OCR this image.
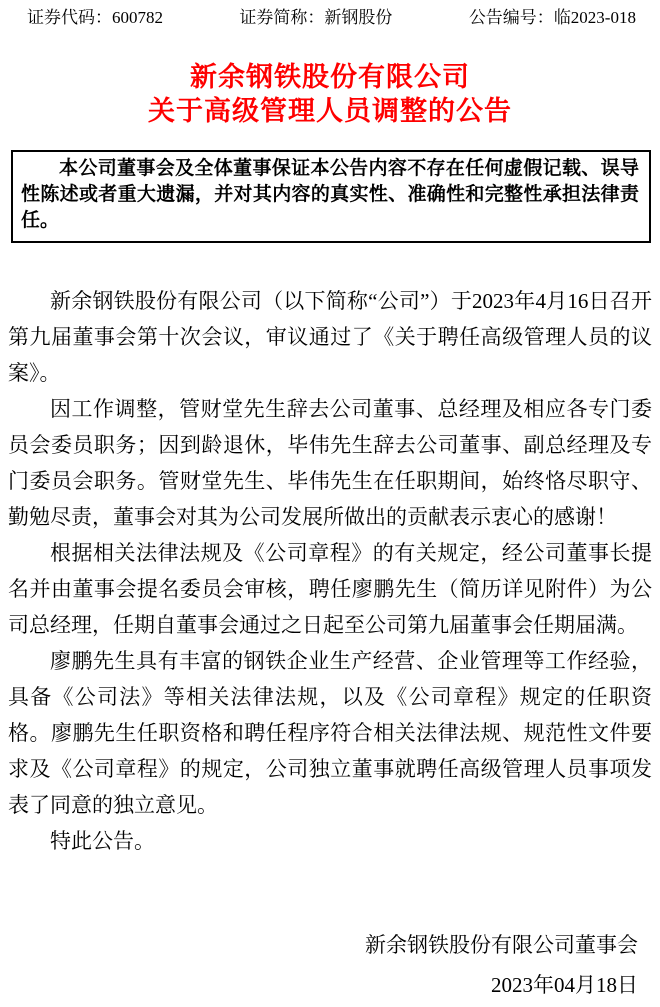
证券代码：600782	证券简称：新钢股份	公告编号：临2023-018
新余钢铁股份有限公司
关于高级管理人员调整的公告

本公司董事会及全体董事保证本公告内容不存在任何虚假记载、误导性陈述或者重大遗漏，并对其内容的真实性、准确性和完整性承担法律责任。

新余钢铁股份有限公司（以下简称“公司”）于2023年4月16日召开第九届董事会第十次会议，审议通过了《关于聘任高级管理人员的议案》。

因工作调整，管财堂先生辞去公司董事、总经理及相应各专门委员会委员职务；因到龄退休，毕伟先生辞去公司董事、副总经理及专门委员会职务。管财堂先生、毕伟先生在任职期间，始终恪尽职守、勤勉尽责，董事会对其为公司发展所做出的贡献表示衷心的感谢！

根据相关法律法规及《公司章程》的有关规定，经公司董事长提名并由董事会提名委员会审核，聘任廖鹏先生（简历详见附件）为公司总经理，任期自董事会通过之日起至公司第九届董事会任期届满。

廖鹏先生具有丰富的钢铁企业生产经营、企业管理等工作经验，具备《公司法》等相关法律法规，以及《公司章程》规定的任职资格。廖鹏先生任职资格和聘任程序符合相关法律法规、规范性文件要求及《公司章程》的规定，公司独立董事就聘任高级管理人员事项发表了同意的独立意见。

特此公告。

新余钢铁股份有限公司董事会

2023年04月18日
